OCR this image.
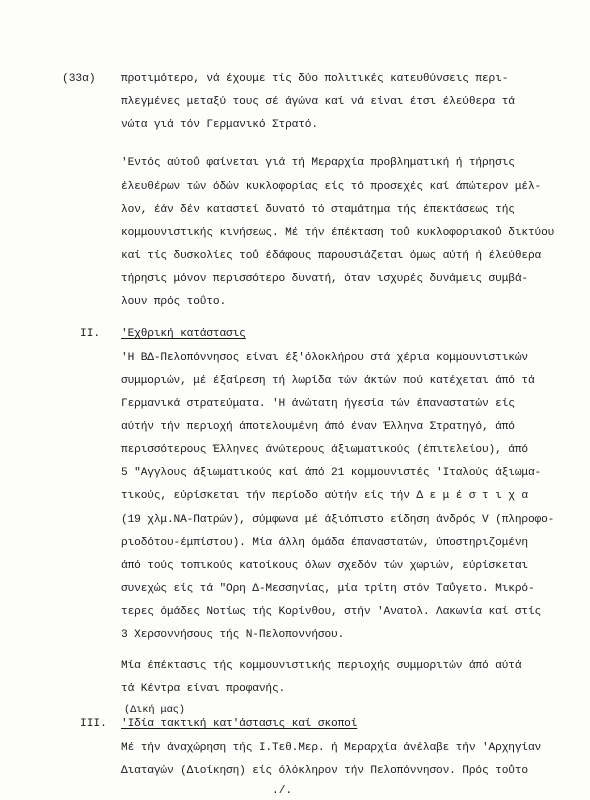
(33α) προτιμότερο, νά έχουμε τίς δύο πολιτικές κατευθύνσεις περι-
πλεγμένες μεταξύ τους σέ άγώνα καί νά είναι έτσι έλεύθερα τά
νώτα γιά τόν Γερμανικό Στρατό.
'Εντός αύτοΰ φαίνεται γιά τή Μεραρχία προβληματική ή τήρησις
έλευθέρων τών όδών κυκλοφορίας είς τό προσεχές καί άπώτερον μέλ-
λον, έάν δέν καταστεί δυνατό τό σταμάτημα τής έπεκτάσεως τής
κομμουνιστικής κινήσεως. Μέ τήν έπέκταση τοΰ κυκλοφοριακοΰ δικτύου
καί τίς δυσκολίες τοΰ έδάφους παρουσιάζεται όμως αύτή ή έλεύθερα
τήρησις μόνον περισσότερο δυνατή, όταν ισχυρές δυνάμεις συμβά-
λουν πρός τοΰτο.
II. 'Εχθρική κατάστασις
'Η ΒΔ-Πελοπόννησος είναι έξ'όλοκλήρου στά χέρια κομμουνιστικών
συμμοριών, μέ έξαίρεση τή λωρίδα τών άκτών πού κατέχεται άπό τά
Γερμανικά στρατεύματα. 'Η άνώτατη ήγεσία τών έπαναστατών είς
αύτήν τήν περιοχή άποτελουμένη άπό έναν Έλληνα Στρατηγό, άπό
περισσότερους Έλληνες άνώτερους άξιωματικούς (έπιτελείου), άπό
5 "Αγγλους άξιωματικούς καί άπό 21 κομμουνιστές 'Ιταλούς άξιωμα-
τικούς, εύρίσκεται τήν περίοδο αύτήν είς τήν Δ ε μ έ σ τ ι χ α
(19 χλμ.ΝΑ-Πατρών), σύμφωνα μέ άξιόπιστο είδηση άνδρός V (πληροφο-
ριοδότου-έμπίστου). Μία άλλη όμάδα έπαναστατών, ύποστηριζομένη
άπό τούς τοπικούς κατοίκους όλων σχεδόν τών χωριών, εύρίσκεται
συνεχώς είς τά "Ορη Δ-Μεσσηνίας, μία τρίτη στόν Ταΰγετο. Μικρό-
τερες όμάδες Νοτίως τής Κορίνθου, στήν 'Ανατολ. Λακωνία καί στίς
3 Χερσοννήσους τής Ν-Πελοποννήσου.
Μία έπέκτασις τής κομμουνιστικής περιοχής συμμοριτών άπό αύτά
τά Κέντρα είναι προφανής.
(Δική μας)
III. 'Ιδία τακτική κατ'άστασις καί σκοποί
Μέ τήν άναχώρηση τής Ι.Τεθ.Μερ. ή Μεραρχία άνέλαβε τήν 'Αρχηγίαν
Διαταγών (Διοίκηση) είς όλόκληρον τήν Πελοπόννησον. Πρός τοΰτο
./.
